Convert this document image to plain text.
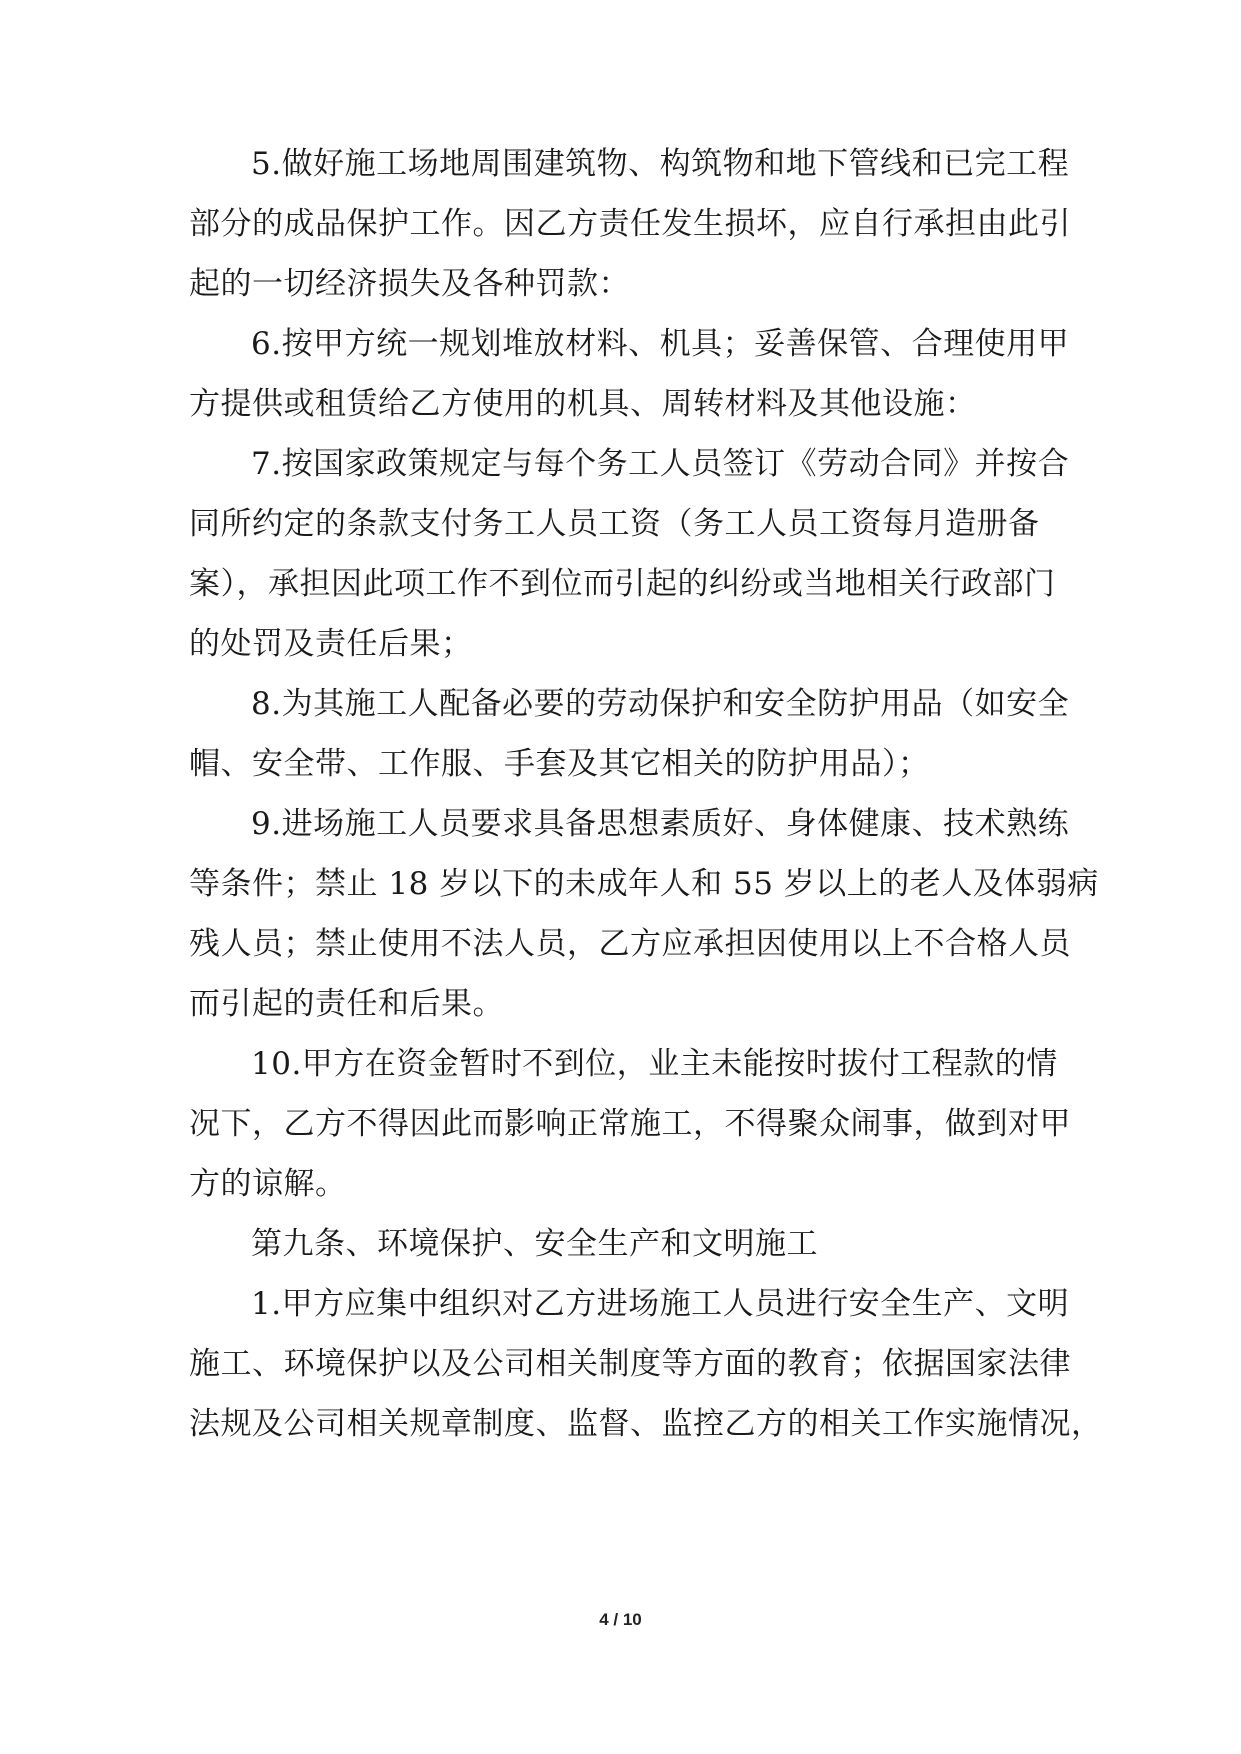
5.做好施工场地周围建筑物、构筑物和地下管线和已完工程
部分的成品保护工作。因乙方责任发生损坏，应自行承担由此引
起的一切经济损失及各种罚款：
6.按甲方统一规划堆放材料、机具；妥善保管、合理使用甲
方提供或租赁给乙方使用的机具、周转材料及其他设施：
7.按国家政策规定与每个务工人员签订《劳动合同》并按合
同所约定的条款支付务工人员工资（务工人员工资每月造册备
案），承担因此项工作不到位而引起的纠纷或当地相关行政部门
的处罚及责任后果；
8.为其施工人配备必要的劳动保护和安全防护用品（如安全
帽、安全带、工作服、手套及其它相关的防护用品）；
9.进场施工人员要求具备思想素质好、身体健康、技术熟练
等条件；禁止 18 岁以下的未成年人和 55 岁以上的老人及体弱病
残人员；禁止使用不法人员，乙方应承担因使用以上不合格人员
而引起的责任和后果。
10.甲方在资金暂时不到位，业主未能按时拔付工程款的情
况下，乙方不得因此而影响正常施工，不得聚众闹事，做到对甲
方的谅解。
第九条、环境保护、安全生产和文明施工
1.甲方应集中组织对乙方进场施工人员进行安全生产、文明
施工、环境保护以及公司相关制度等方面的教育；依据国家法律
法规及公司相关规章制度、监督、监控乙方的相关工作实施情况，
4 / 10
